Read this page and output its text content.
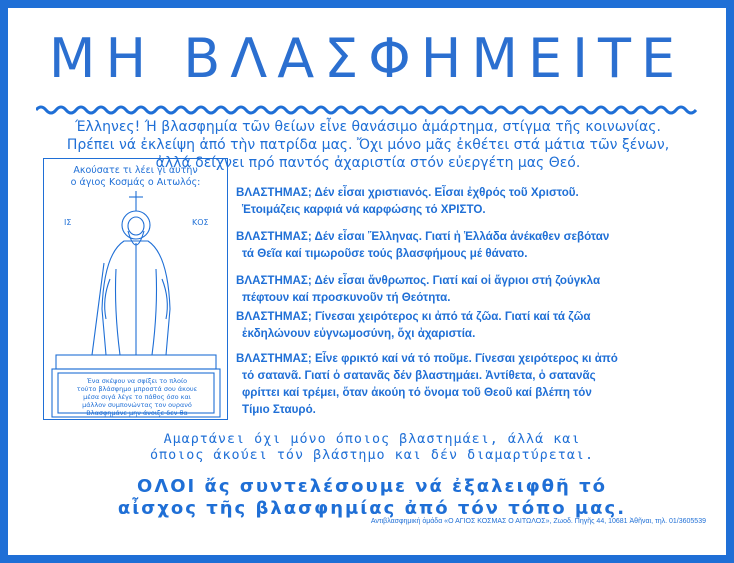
ΜΗ ΒΛΑΣΦΗΜΕΙΤΕ
Έλληνες! Ή βλασφημία τῶν θείων εἶνε θανάσιμο ἁμάρτημα, στίγμα τῆς κοινωνίας.
Πρέπει νά ἐκλείψη ἀπό τὴν πατρίδα μας. Ὄχι μόνο μᾶς ἐκθέτει στά μάτια τῶν ξένων,
ἀλλά δείχνει πρό παντός ἀχαριστία στόν εὐεργέτη μας Θεό.
Ακούσατε τι λέει γι αυτήν
ο άγιος Κοσμάς ο Αιτωλός:
ΙΣ	ΚΟΣ
Ένα σκέψου να σφίξει το πλοίο
τούτο βλάσφημο μπροστά σου άκουε
μέσα σιγά λέγε το πάθος όσο και
μάλλον συμπονώντας τον ουρανό
Βλασφημάνε μην άνοιξε δεν θα
ΒΛΑΣΤΗΜΑΣ; Δέν εἶσαι χριστιανός. Εἶσαι ἐχθρός τοῦ Χριστοῦ.
Ἑτοιμάζεις καρφιά νά καρφώσης τό ΧΡΙΣΤΟ.
ΒΛΑΣΤΗΜΑΣ; Δέν εἶσαι Ἕλληνας. Γιατί ἡ Ἑλλάδα ἀνέκαθεν σεβόταν
τά Θεῖα καί τιμωροῦσε τούς βλασφήμους μέ θάνατο.
ΒΛΑΣΤΗΜΑΣ; Δέν εἶσαι ἄνθρωπος. Γιατί καί οἱ ἄγριοι στή ζούγκλα
πέφτουν καί προσκυνοῦν τή Θεότητα.
ΒΛΑΣΤΗΜΑΣ; Γίνεσαι χειρότερος κι ἀπό τά ζῶα. Γιατί καί τά ζῶα
ἐκδηλώνουν εὐγνωμοσύνη, ὄχι ἀχαριστία.
ΒΛΑΣΤΗΜΑΣ; Εἶνε φρικτό καί νά τό ποῦμε. Γίνεσαι χειρότερος κι ἀπό
τό σατανᾶ. Γιατί ὁ σατανᾶς δέν βλαστημάει. Ἀντίθετα, ὁ σατανᾶς
φρίττει καί τρέμει, ὅταν ἀκούη τό ὄνομα τοῦ Θεοῦ καί βλέπη τόν
Τίμιο Σταυρό.
Αμαρτάνει όχι μόνο όποιος βλαστημάει, άλλά και
όποιος άκούει τόν βλάστημο και δέν διαμαρτύρεται.
ΟΛΟΙ ἄς συντελέσουμε νά ἐξαλειφθῆ τό
αἶσχος τῆς βλασφημίας ἀπό τόν τόπο μας.
Αντιβλασφημική ὁμάδα «Ο ΑΓΙΟΣ ΚΟΣΜΑΣ Ο ΑΙΤΩΛΟΣ», Ζωοδ. Πηγῆς 44, 10681 Ἀθῆναι, τηλ. 01/3605539
